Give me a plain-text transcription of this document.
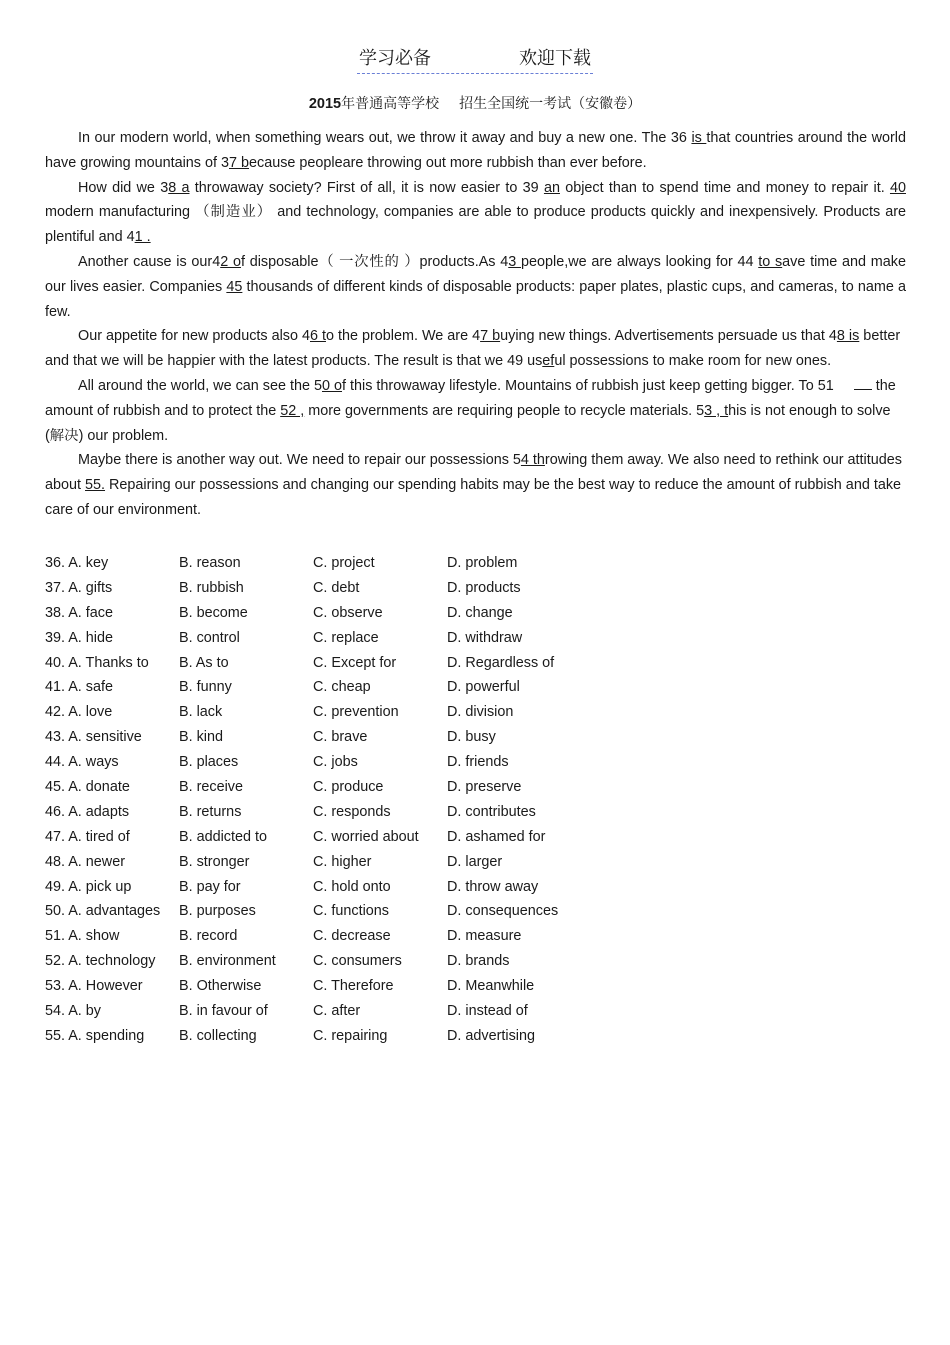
学习必备	欢迎下载
2015年普通高等学校 招生全国统一考试（安徽卷）

In our modern world, when something wears out, we throw it away and buy a new one. The 36 is that countries around the world have growing mountains of 37 because peopleare throwing out more rubbish than ever before.

How did we 38 a throwaway society? First of all, it is now easier to 39 an object than to spend time and money to repair it. 40 modern manufacturing （制造业） and technology, companies are able to produce products quickly and inexpensively. Products are plentiful and 41 .

Another cause is our42 of disposable（ 一次性的 ）products.As 43 people,we are always looking for 44 to save time and make our lives easier. Companies 45 thousands of different kinds of disposable products: paper plates, plastic cups, and cameras, to name a few.

Our appetite for new products also 46 to the problem. We are 47 buying new things. Advertisements persuade us that 48 is better and that we will be happier with the latest products. The result is that we 49 useful possessions to make room for new ones.

All around the world, we can see the 50 of this throwaway lifestyle. Mountains of rubbish just keep getting bigger. To 51	the amount of rubbish and to protect the 52 , more governments are requiring people to recycle materials. 53 , this is not enough to solve (解决) our problem.

Maybe there is another way out. We need to repair our possessions 54 throwing them away. We also need to rethink our attitudes about 55. Repairing our possessions and changing our spending habits may be the best way to reduce the amount of rubbish and take care of our environment.

36. A. key	B. reason	C. project	D. problem
37. A. gifts	B. rubbish	C. debt	D. products
38. A. face	B. become	C. observe	D. change
39. A. hide	B. control	C. replace	D. withdraw
40. A. Thanks to B. As to	C. Except for	D. Regardless of
41. A. safe	B. funny	C. cheap	D. powerful
42. A. love	B. lack	C. prevention	D. division
43. A. sensitive	B. kind	C. brave	D. busy
44. A. ways	B. places	C. jobs	D. friends
45. A. donate	B. receive	C. produce	D. preserve
46. A. adapts	B. returns	C. responds	D. contributes
47. A. tired of	B. addicted to	C. worried about D. ashamed for
48. A. newer	B. stronger	C. higher	D. larger
49. A. pick up	B. pay for	C. hold onto	D. throw away
50. A. advantages B. purposes	C. functions	D. consequences
51. A. show	B. record	C. decrease	D. measure
52. A. technology B. environment	C. consumers	D. brands
53. A. However	B. Otherwise	C. Therefore	D. Meanwhile
54. A. by	B. in favour of	C. after	D. instead of
55. A. spending B. collecting	C. repairing	D. advertising
